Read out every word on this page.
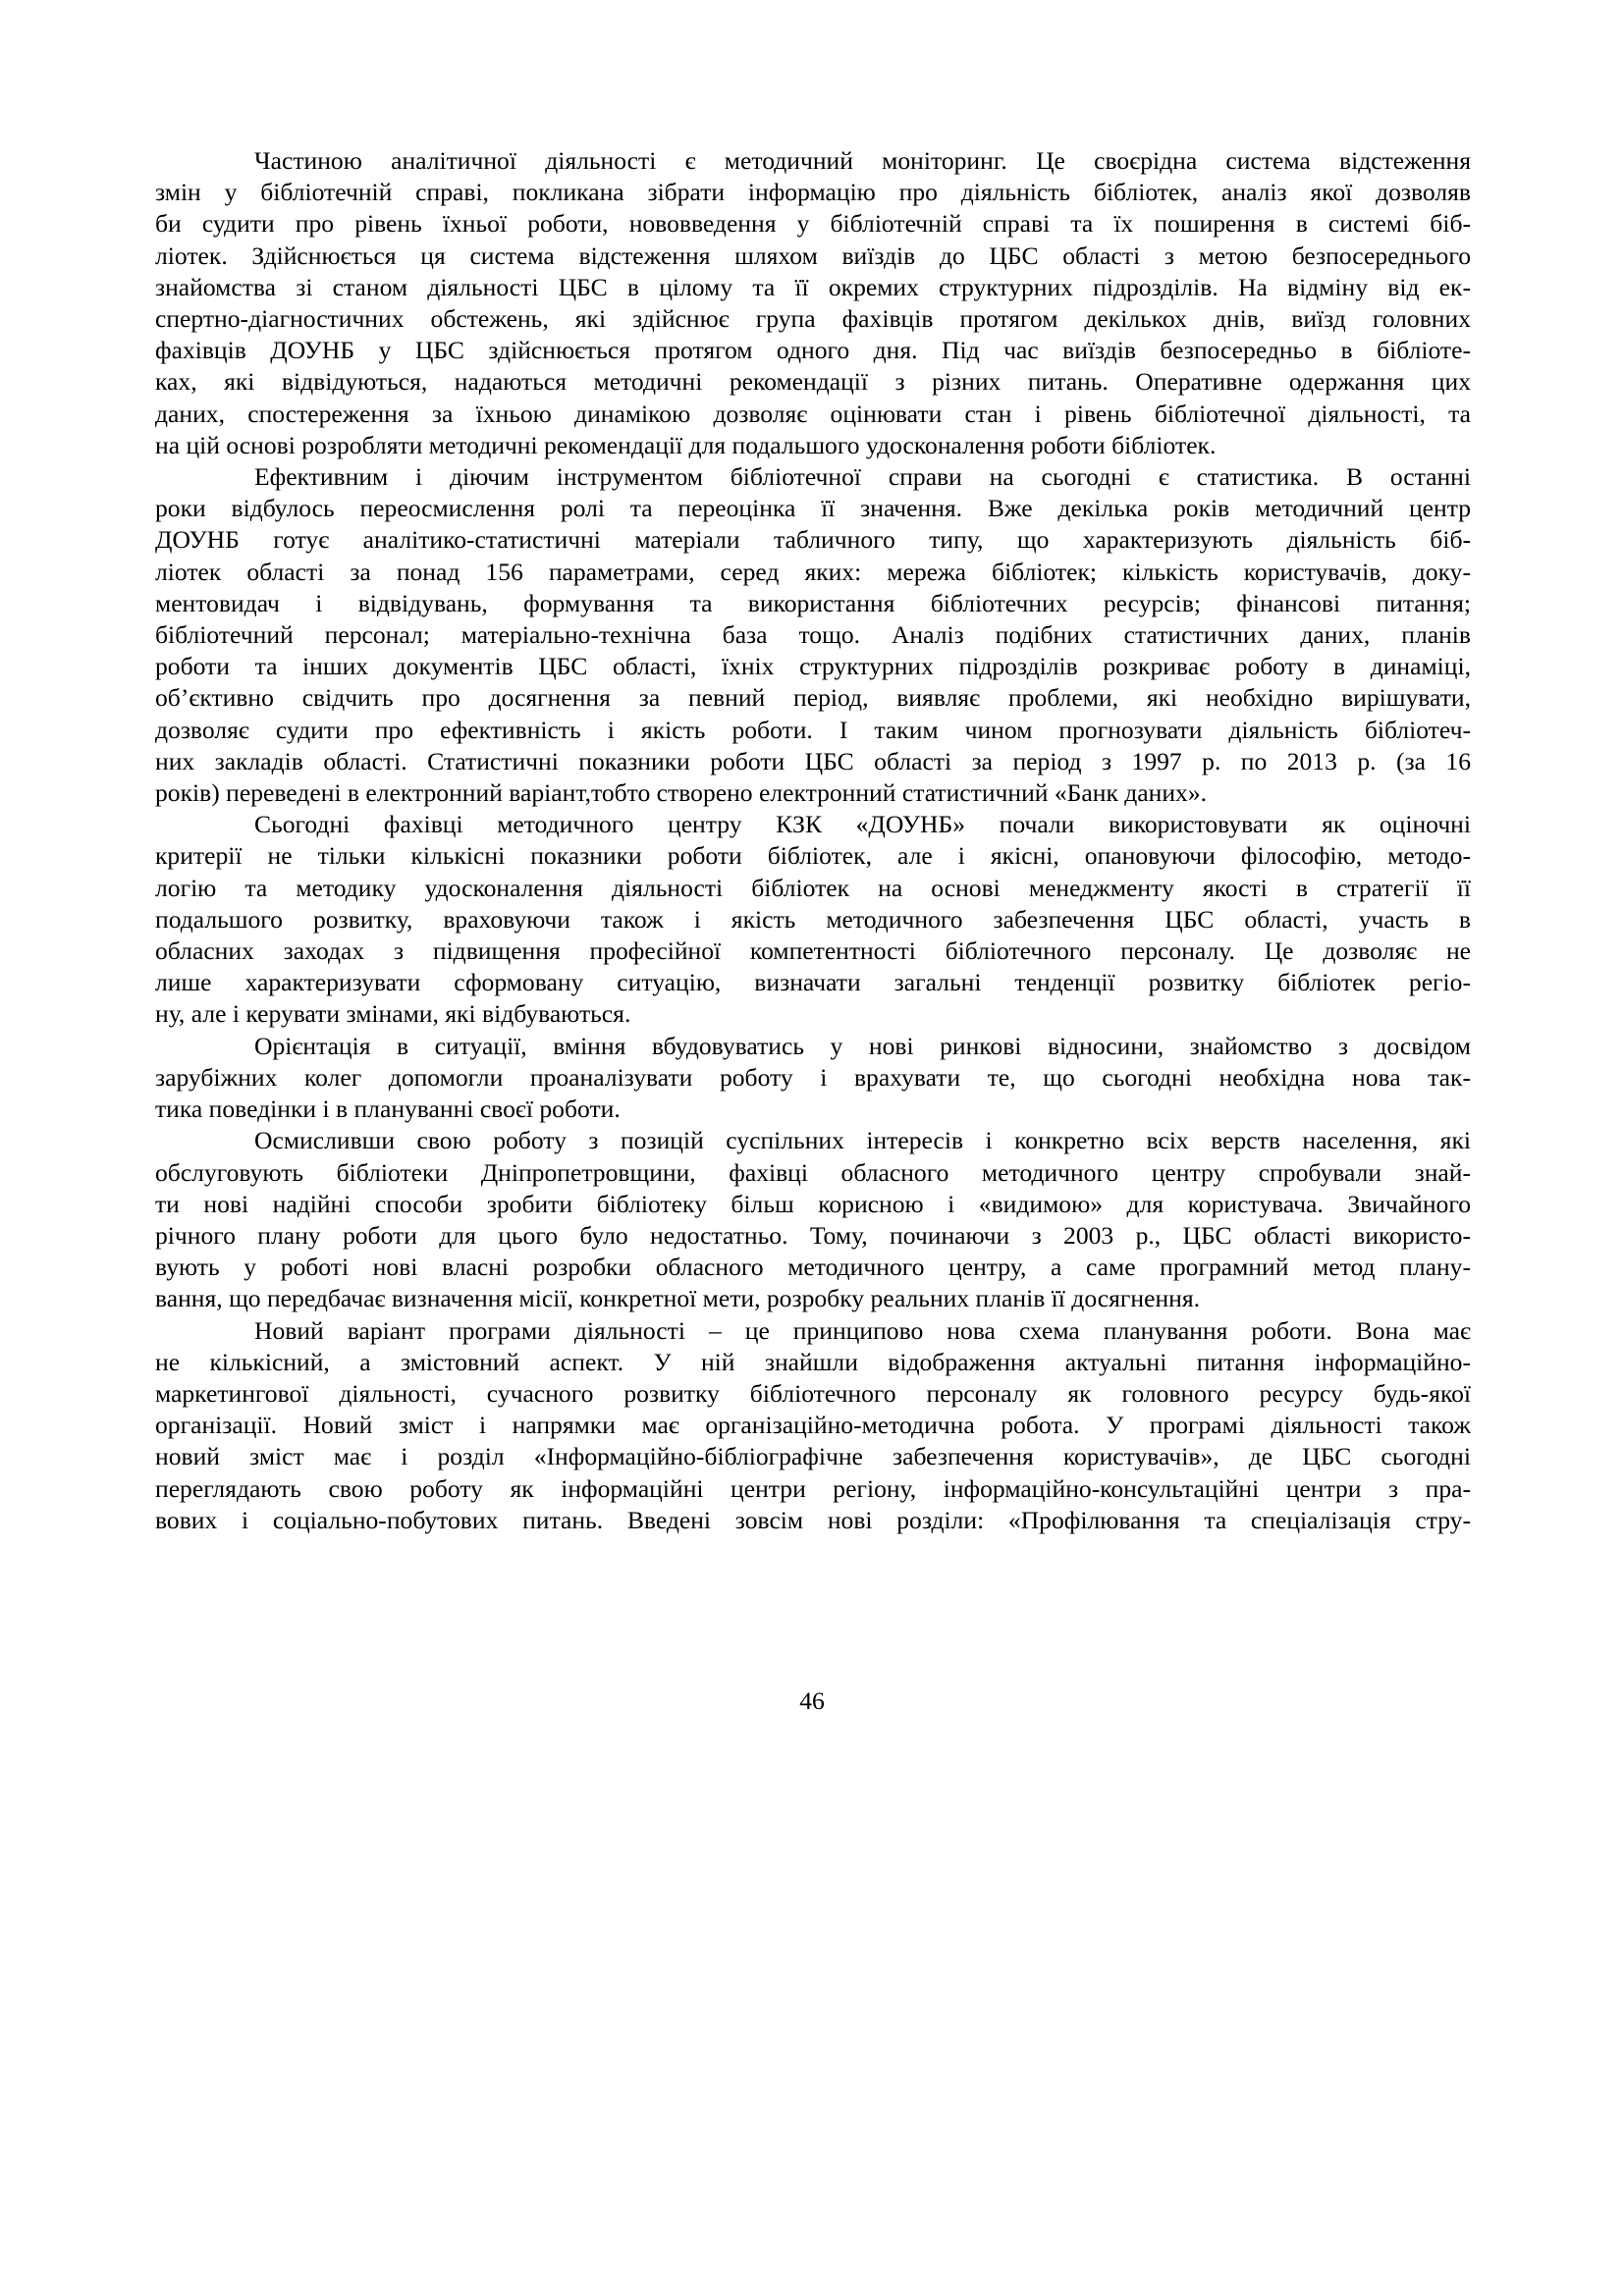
Частиною аналітичної діяльності є методичний моніторинг. Це своєрідна система відстеження
змін у бібліотечній справі, покликана зібрати інформацію про діяльність бібліотек, аналіз якої дозволяв
би судити про рівень їхньої роботи, нововведення у бібліотечній справі та їх поширення в системі біб-
ліотек. Здійснюється ця система відстеження шляхом виїздів до ЦБС області з метою безпосереднього
знайомства зі станом діяльності ЦБС в цілому та її окремих структурних підрозділів. На відміну від ек-
спертно-діагностичних обстежень, які здійснює група фахівців протягом декількох днів, виїзд головних
фахівців ДОУНБ у ЦБС здійснюється протягом одного дня. Під час виїздів безпосередньо в бібліоте-
ках, які відвідуються, надаються методичні рекомендації з різних питань. Оперативне одержання цих
даних, спостереження за їхньою динамікою дозволяє оцінювати стан і рівень бібліотечної діяльності, та
на цій основі розробляти методичні рекомендації для подальшого удосконалення роботи бібліотек.
Ефективним і діючим інструментом бібліотечної справи на сьогодні є статистика. В останні
роки відбулось переосмислення ролі та переоцінка її значення. Вже декілька років методичний центр
ДОУНБ готує аналітико-статистичні матеріали табличного типу, що характеризують діяльність біб-
ліотек області за понад 156 параметрами, серед яких: мережа бібліотек; кількість користувачів, доку-
ментовидач і відвідувань, формування та використання бібліотечних ресурсів; фінансові питання;
бібліотечний персонал; матеріально-технічна база тощо. Аналіз подібних статистичних даних, планів
роботи та інших документів ЦБС області, їхніх структурних підрозділів розкриває роботу в динаміці,
об’єктивно свідчить про досягнення за певний період, виявляє проблеми, які необхідно вирішувати,
дозволяє судити про ефективність і якість роботи. І таким чином прогнозувати діяльність бібліотеч-
них закладів області. Статистичні показники роботи ЦБС області за період з 1997 р. по 2013 р. (за 16
років) переведені в електронний варіант,тобто створено електронний статистичний «Банк даних».
Сьогодні фахівці методичного центру КЗК «ДОУНБ» почали використовувати як оціночні
критерії не тільки кількісні показники роботи бібліотек, але і якісні, опановуючи філософію, методо-
логію та методику удосконалення діяльності бібліотек на основі менеджменту якості в стратегії її
подальшого розвитку, враховуючи також і якість методичного забезпечення ЦБС області, участь в
обласних заходах з підвищення професійної компетентності бібліотечного персоналу. Це дозволяє не
лише характеризувати сформовану ситуацію, визначати загальні тенденції розвитку бібліотек регіо-
ну, але і керувати змінами, які відбуваються.
Орієнтація в ситуації, вміння вбудовуватись у нові ринкові відносини, знайомство з досвідом
зарубіжних колег допомогли проаналізувати роботу і врахувати те, що сьогодні необхідна нова так-
тика поведінки і в плануванні своєї роботи.
Осмисливши свою роботу з позицій суспільних інтересів і конкретно всіх верств населення, які
обслуговують бібліотеки Дніпропетровщини, фахівці обласного методичного центру спробували знай-
ти нові надійні способи зробити бібліотеку більш корисною і «видимою» для користувача. Звичайного
річного плану роботи для цього було недостатньо. Тому, починаючи з 2003 р., ЦБС області використо-
вують у роботі нові власні розробки обласного методичного центру, а саме програмний метод плану-
вання, що передбачає визначення місії, конкретної мети, розробку реальних планів її досягнення.
Новий варіант програми діяльності – це принципово нова схема планування роботи. Вона має
не кількісний, а змістовний аспект. У ній знайшли відображення актуальні питання інформаційно-
маркетингової діяльності, сучасного розвитку бібліотечного персоналу як головного ресурсу будь-якої
організації. Новий зміст і напрямки має організаційно-методична робота. У програмі діяльності також
новий зміст має і розділ «Інформаційно-бібліографічне забезпечення користувачів», де ЦБС сьогодні
переглядають свою роботу як інформаційні центри регіону, інформаційно-консультаційні центри з пра-
вових і соціально-побутових питань. Введені зовсім нові розділи: «Профілювання та спеціалізація стру-
46
